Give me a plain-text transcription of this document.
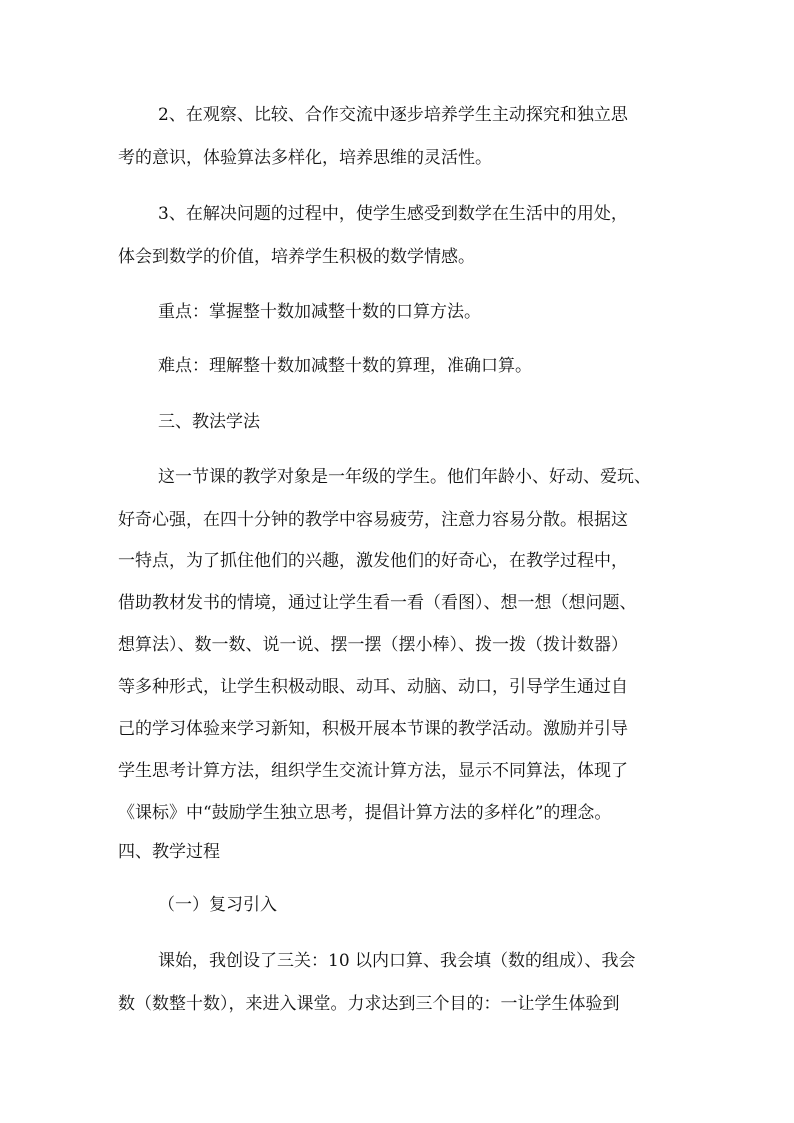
2、在观察、比较、合作交流中逐步培养学生主动探究和独立思
考的意识，体验算法多样化，培养思维的灵活性。
3、在解决问题的过程中，使学生感受到数学在生活中的用处，
体会到数学的价值，培养学生积极的数学情感。
重点：掌握整十数加减整十数的口算方法。
难点：理解整十数加减整十数的算理，准确口算。
三、教法学法
这一节课的教学对象是一年级的学生。他们年龄小、好动、爱玩、
好奇心强，在四十分钟的教学中容易疲劳，注意力容易分散。根据这
一特点，为了抓住他们的兴趣，激发他们的好奇心，在教学过程中，
借助教材发书的情境，通过让学生看一看（看图）、想一想（想问题、
想算法）、数一数、说一说、摆一摆（摆小棒）、拨一拨（拨计数器）
等多种形式，让学生积极动眼、动耳、动脑、动口，引导学生通过自
己的学习体验来学习新知，积极开展本节课的教学活动。激励并引导
学生思考计算方法，组织学生交流计算方法，显示不同算法，体现了
《课标》中“鼓励学生独立思考，提倡计算方法的多样化”的理念。
四、教学过程
（一）复习引入
课始，我创设了三关：10 以内口算、我会填（数的组成）、我会
数（数整十数），来进入课堂。力求达到三个目的：一让学生体验到
